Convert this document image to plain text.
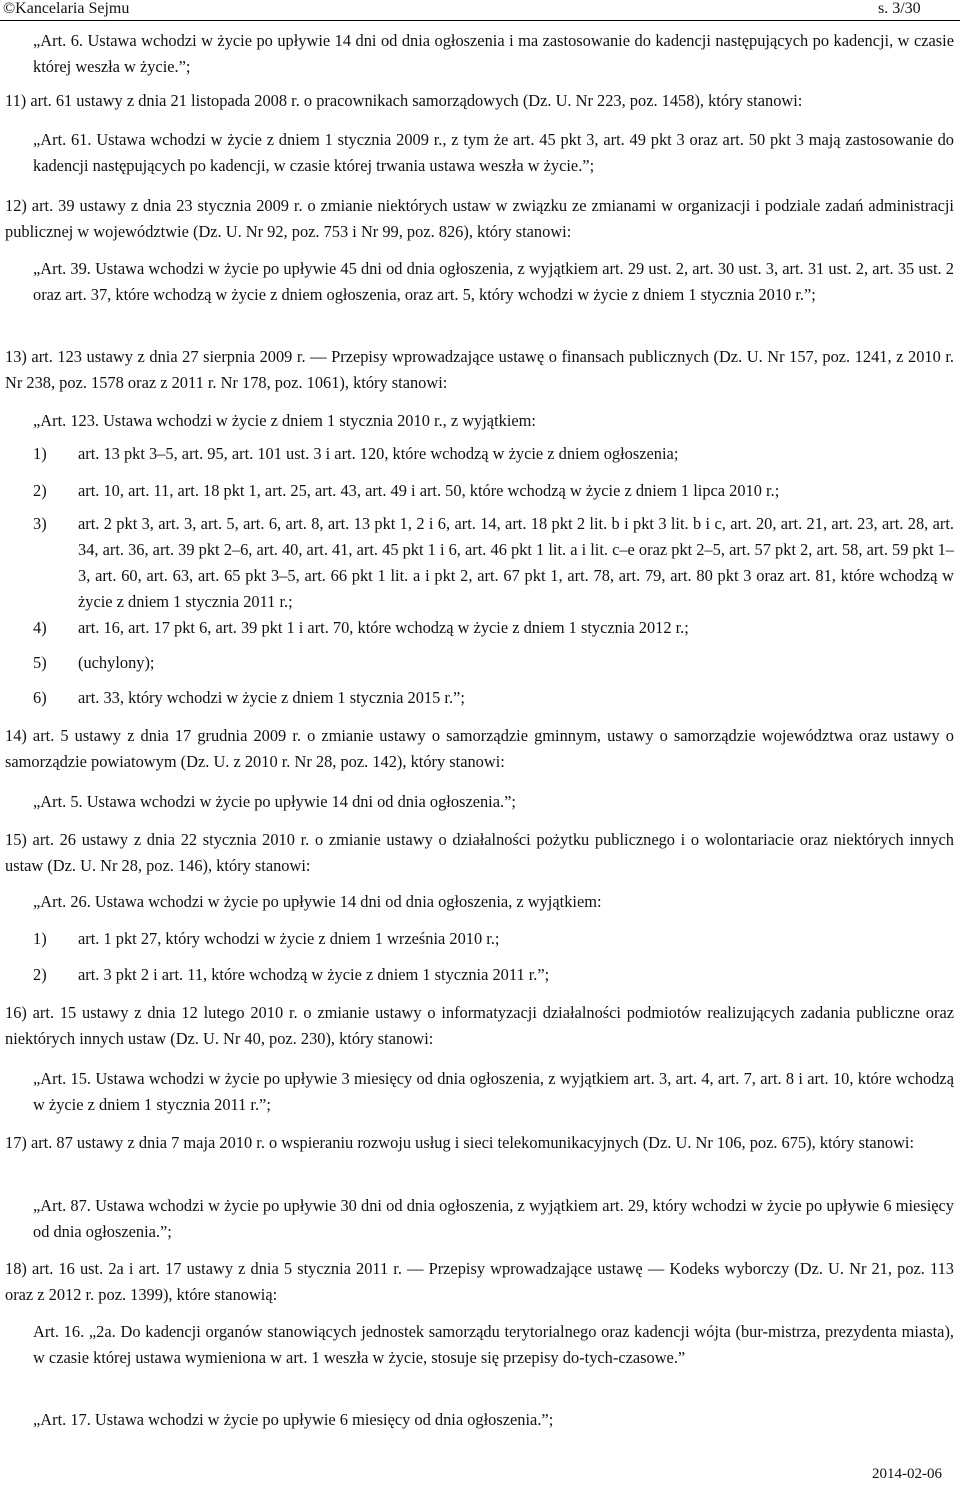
©Kancelaria Sejmu	s. 3/30

„Art. 6. Ustawa wchodzi w życie po upływie 14 dni od dnia ogłoszenia i ma zastosowanie do kadencji następujących po kadencji, w czasie której weszła w życie.”;

11) art. 61 ustawy z dnia 21 listopada 2008 r. o pracownikach samorządowych (Dz. U. Nr 223, poz. 1458), który stanowi:

„Art. 61. Ustawa wchodzi w życie z dniem 1 stycznia 2009 r., z tym że art. 45 pkt 3, art. 49 pkt 3 oraz art. 50 pkt 3 mają zastosowanie do kadencji następujących po kadencji, w czasie której trwania ustawa weszła w życie.”;

12) art. 39 ustawy z dnia 23 stycznia 2009 r. o zmianie niektórych ustaw w związku ze zmianami w organizacji i podziale zadań administracji publicznej w województwie (Dz. U. Nr 92, poz. 753 i Nr 99, poz. 826), który stanowi:

„Art. 39. Ustawa wchodzi w życie po upływie 45 dni od dnia ogłoszenia, z wyjątkiem art. 29 ust. 2, art. 30 ust. 3, art. 31 ust. 2, art. 35 ust. 2 oraz art. 37, które wchodzą w życie z dniem ogłoszenia, oraz art. 5, który wchodzi w życie z dniem 1 stycznia 2010 r.”;

13) art. 123 ustawy z dnia 27 sierpnia 2009 r. — Przepisy wprowadzające ustawę o finansach publicznych (Dz. U. Nr 157, poz. 1241, z 2010 r. Nr 238, poz. 1578 oraz z 2011 r. Nr 178, poz. 1061), który stanowi:

„Art. 123. Ustawa wchodzi w życie z dniem 1 stycznia 2010 r., z wyjątkiem:

16) art. 15 ustawy z dnia 12 lutego 2010 r. o zmianie ustawy o informatyzacji działalności podmiotów realizujących zadania publiczne oraz niektórych innych ustaw (Dz. U. Nr 40, poz. 230), który stanowi:

„Art. 15. Ustawa wchodzi w życie po upływie 3 miesięcy od dnia ogłoszenia, z wyjątkiem art. 3, art. 4, art. 7, art. 8 i art. 10, które wchodzą w życie z dniem 1 stycznia 2011 r.”;

17) art. 87 ustawy z dnia 7 maja 2010 r. o wspieraniu rozwoju usług i sieci telekomunikacyjnych (Dz. U. Nr 106, poz. 675), który stanowi:

„Art. 87. Ustawa wchodzi w życie po upływie 30 dni od dnia ogłoszenia, z wyjątkiem art. 29, który wchodzi w życie po upływie 6 miesięcy od dnia ogłoszenia.”;

18) art. 16 ust. 2a i art. 17 ustawy z dnia 5 stycznia 2011 r. — Przepisy wprowadzające ustawę — Kodeks wyborczy (Dz. U. Nr 21, poz. 113 oraz z 2012 r. poz. 1399), które stanowią:

Art. 16. „2a. Do kadencji organów stanowiących jednostek samorządu terytorialnego oraz kadencji wójta (bur-mistrza, prezydenta miasta), w czasie której ustawa wymieniona w art. 1 weszła w życie, stosuje się przepisy do-tych-czasowe.”

„Art. 17. Ustawa wchodzi w życie po upływie 6 miesięcy od dnia ogłoszenia.”;

1) art. 13 pkt 3–5, art. 95, art. 101 ust. 3 i art. 120, które wchodzą w życie z dniem ogłoszenia;
2) art. 10, art. 11, art. 18 pkt 1, art. 25, art. 43, art. 49 i art. 50, które wchodzą w życie z dniem 1 lipca 2010 r.;
3) art. 2 pkt 3, art. 3, art. 5, art. 6, art. 8, art. 13 pkt 1, 2 i 6, art. 14, art. 18 pkt 2 lit. b i pkt 3 lit. b i c, art. 20, art. 21, art. 23, art. 28, art. 34, art. 36, art. 39 pkt 2–6, art. 40, art. 41, art. 45 pkt 1 i 6, art. 46 pkt 1 lit. a i lit. c–e oraz pkt 2–5, art. 57 pkt 2, art. 58, art. 59 pkt 1–3, art. 60, art. 63, art. 65 pkt 3–5, art. 66 pkt 1 lit. a i pkt 2, art. 67 pkt 1, art. 78, art. 79, art. 80 pkt 3 oraz art. 81, które wchodzą w życie z dniem 1 stycznia 2011 r.;
4) art. 16, art. 17 pkt 6, art. 39 pkt 1 i art. 70, które wchodzą w życie z dniem 1 stycznia 2012 r.;
5) (uchylony);
6) art. 33, który wchodzi w życie z dniem 1 stycznia 2015 r.”;

14) art. 5 ustawy z dnia 17 grudnia 2009 r. o zmianie ustawy o samorządzie gminnym, ustawy o samorządzie województwa oraz ustawy o samorządzie powiatowym (Dz. U. z 2010 r. Nr 28, poz. 142), który stanowi:

„Art. 5. Ustawa wchodzi w życie po upływie 14 dni od dnia ogłoszenia.”;

15) art. 26 ustawy z dnia 22 stycznia 2010 r. o zmianie ustawy o działalności pożytku publicznego i o wolontariacie oraz niektórych innych ustaw (Dz. U. Nr 28, poz. 146), który stanowi:

„Art. 26. Ustawa wchodzi w życie po upływie 14 dni od dnia ogłoszenia, z wyjątkiem:

1) art. 1 pkt 27, który wchodzi w życie z dniem 1 września 2010 r.;
2) art. 3 pkt 2 i art. 11, które wchodzą w życie z dniem 1 stycznia 2011 r.”;
2014-02-06
